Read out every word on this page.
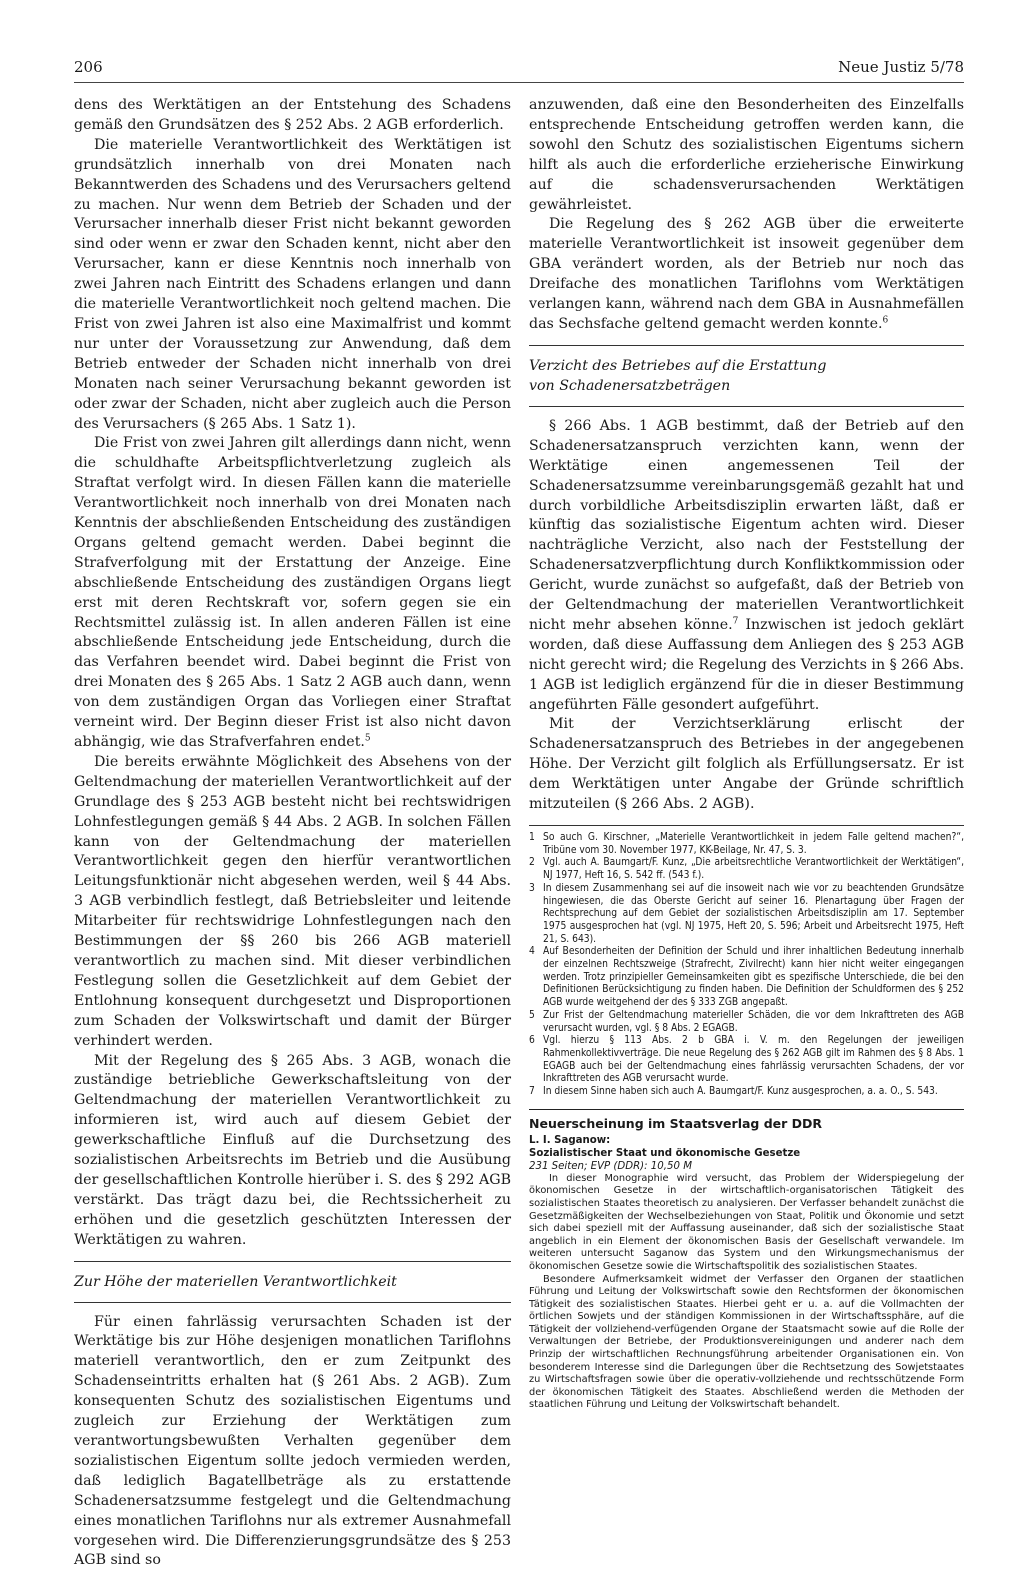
206	Neue Justiz 5/78

dens des Werktätigen an der Entstehung des Schadens gemäß den Grundsätzen des § 252 Abs. 2 AGB erforderlich.

Die materielle Verantwortlichkeit des Werktätigen ist grundsätzlich innerhalb von drei Monaten nach Bekanntwerden des Schadens und des Verursachers geltend zu machen. Nur wenn dem Betrieb der Schaden und der Verursacher innerhalb dieser Frist nicht bekannt geworden sind oder wenn er zwar den Schaden kennt, nicht aber den Verursacher, kann er diese Kenntnis noch innerhalb von zwei Jahren nach Eintritt des Schadens erlangen und dann die materielle Verantwortlichkeit noch geltend machen. Die Frist von zwei Jahren ist also eine Maximalfrist und kommt nur unter der Voraussetzung zur Anwendung, daß dem Betrieb entweder der Schaden nicht innerhalb von drei Monaten nach seiner Verursachung bekannt geworden ist oder zwar der Schaden, nicht aber zugleich auch die Person des Verursachers (§ 265 Abs. 1 Satz 1).

Die Frist von zwei Jahren gilt allerdings dann nicht, wenn die schuldhafte Arbeitspflichtverletzung zugleich als Straftat verfolgt wird. In diesen Fällen kann die materielle Verantwortlichkeit noch innerhalb von drei Monaten nach Kenntnis der abschließenden Entscheidung des zuständigen Organs geltend gemacht werden. Dabei beginnt die Strafverfolgung mit der Erstattung der Anzeige. Eine abschließende Entscheidung des zuständigen Organs liegt erst mit deren Rechtskraft vor, sofern gegen sie ein Rechtsmittel zulässig ist. In allen anderen Fällen ist eine abschließende Entscheidung jede Entscheidung, durch die das Verfahren beendet wird. Dabei beginnt die Frist von drei Monaten des § 265 Abs. 1 Satz 2 AGB auch dann, wenn von dem zuständigen Organ das Vorliegen einer Straftat verneint wird. Der Beginn dieser Frist ist also nicht davon abhängig, wie das Strafverfahren endet.$^5$

Die bereits erwähnte Möglichkeit des Absehens von der Geltendmachung der materiellen Verantwortlichkeit auf der Grundlage des § 253 AGB besteht nicht bei rechtswidrigen Lohnfestlegungen gemäß § 44 Abs. 2 AGB. In solchen Fällen kann von der Geltendmachung der materiellen Verantwortlichkeit gegen den hierfür verantwortlichen Leitungsfunktionär nicht abgesehen werden, weil § 44 Abs. 3 AGB verbindlich festlegt, daß Betriebsleiter und leitende Mitarbeiter für rechtswidrige Lohnfestlegungen nach den Bestimmungen der §§ 260 bis 266 AGB materiell verantwortlich zu machen sind. Mit dieser verbindlichen Festlegung sollen die Gesetzlichkeit auf dem Gebiet der Entlohnung konsequent durchgesetzt und Disproportionen zum Schaden der Volkswirtschaft und damit der Bürger verhindert werden.

Mit der Regelung des § 265 Abs. 3 AGB, wonach die zuständige betriebliche Gewerkschaftsleitung von der Geltendmachung der materiellen Verantwortlichkeit zu informieren ist, wird auch auf diesem Gebiet der gewerkschaftliche Einfluß auf die Durchsetzung des sozialistischen Arbeitsrechts im Betrieb und die Ausübung der gesellschaftlichen Kontrolle hierüber i. S. des § 292 AGB verstärkt. Das trägt dazu bei, die Rechtssicherheit zu erhöhen und die gesetzlich geschützten Interessen der Werktätigen zu wahren.

Zur Höhe der materiellen Verantwortlichkeit

Für einen fahrlässig verursachten Schaden ist der Werktätige bis zur Höhe desjenigen monatlichen Tariflohns materiell verantwortlich, den er zum Zeitpunkt des Schadenseintritts erhalten hat (§ 261 Abs. 2 AGB). Zum konsequenten Schutz des sozialistischen Eigentums und zugleich zur Erziehung der Werktätigen zum verantwortungsbewußten Verhalten gegenüber dem sozialistischen Eigentum sollte jedoch vermieden werden, daß lediglich Bagatellbeträge als zu erstattende Schadenersatzsumme festgelegt und die Geltendmachung eines monatlichen Tariflohns nur als extremer Ausnahmefall vorgesehen wird. Die Differenzierungsgrundsätze des § 253 AGB sind so

anzuwenden, daß eine den Besonderheiten des Einzelfalls entsprechende Entscheidung getroffen werden kann, die sowohl den Schutz des sozialistischen Eigentums sichern hilft als auch die erforderliche erzieherische Einwirkung auf die schadensverursachenden Werktätigen gewährleistet.

Die Regelung des § 262 AGB über die erweiterte materielle Verantwortlichkeit ist insoweit gegenüber dem GBA verändert worden, als der Betrieb nur noch das Dreifache des monatlichen Tariflohns vom Werktätigen verlangen kann, während nach dem GBA in Ausnahmefällen das Sechsfache geltend gemacht werden konnte.$^6$

Verzicht des Betriebes auf die Erstattung
von Schadenersatzbeträgen

§ 266 Abs. 1 AGB bestimmt, daß der Betrieb auf den Schadenersatzanspruch verzichten kann, wenn der Werktätige einen angemessenen Teil der Schadenersatzsumme vereinbarungsgemäß gezahlt hat und durch vorbildliche Arbeitsdisziplin erwarten läßt, daß er künftig das sozialistische Eigentum achten wird. Dieser nachträgliche Verzicht, also nach der Feststellung der Schadenersatzverpflichtung durch Konfliktkommission oder Gericht, wurde zunächst so aufgefaßt, daß der Betrieb von der Geltendmachung der materiellen Verantwortlichkeit nicht mehr absehen könne.$^7$ Inzwischen ist jedoch geklärt worden, daß diese Auffassung dem Anliegen des § 253 AGB nicht gerecht wird; die Regelung des Verzichts in § 266 Abs. 1 AGB ist lediglich ergänzend für die in dieser Bestimmung angeführten Fälle gesondert aufgeführt.

Mit der Verzichtserklärung erlischt der Schadenersatzanspruch des Betriebes in der angegebenen Höhe. Der Verzicht gilt folglich als Erfüllungsersatz. Er ist dem Werktätigen unter Angabe der Gründe schriftlich mitzuteilen (§ 266 Abs. 2 AGB).

1 So auch G. Kirschner, „Materielle Verantwortlichkeit in jedem Falle geltend machen?“, Tribüne vom 30. November 1977, KK-Beilage, Nr. 47, S. 3.
2 Vgl. auch A. Baumgart/F. Kunz, „Die arbeitsrechtliche Verantwortlichkeit der Werktätigen“, NJ 1977, Heft 16, S. 542 ff. (543 f.).
3 In diesem Zusammenhang sei auf die insoweit nach wie vor zu beachtenden Grundsätze hingewiesen, die das Oberste Gericht auf seiner 16. Plenartagung über Fragen der Rechtsprechung auf dem Gebiet der sozialistischen Arbeitsdisziplin am 17. September 1975 ausgesprochen hat (vgl. NJ 1975, Heft 20, S. 596; Arbeit und Arbeitsrecht 1975, Heft 21, S. 643).
4 Auf Besonderheiten der Definition der Schuld und ihrer inhaltlichen Bedeutung innerhalb der einzelnen Rechtszweige (Strafrecht, Zivilrecht) kann hier nicht weiter eingegangen werden. Trotz prinzipieller Gemeinsamkeiten gibt es spezifische Unterschiede, die bei den Definitionen Berücksichtigung zu finden haben. Die Definition der Schuldformen des § 252 AGB wurde weitgehend der des § 333 ZGB angepaßt.
5 Zur Frist der Geltendmachung materieller Schäden, die vor dem Inkrafttreten des AGB verursacht wurden, vgl. § 8 Abs. 2 EGAGB.
6 Vgl. hierzu § 113 Abs. 2 b GBA i. V. m. den Regelungen der jeweiligen Rahmenkollektivverträge. Die neue Regelung des § 262 AGB gilt im Rahmen des § 8 Abs. 1 EGAGB auch bei der Geltendmachung eines fahrlässig verursachten Schadens, der vor Inkrafttreten des AGB verursacht wurde.
7 In diesem Sinne haben sich auch A. Baumgart/F. Kunz ausgesprochen, a. a. O., S. 543.
Neuerscheinung im Staatsverlag der DDR
L. I. Saganow:
Sozialistischer Staat und ökonomische Gesetze
231 Seiten; EVP (DDR): 10,50 M

In dieser Monographie wird versucht, das Problem der Widerspiegelung der ökonomischen Gesetze in der wirtschaftlich-organisatorischen Tätigkeit des sozialistischen Staates theoretisch zu analysieren. Der Verfasser behandelt zunächst die Gesetzmäßigkeiten der Wechselbeziehungen von Staat, Politik und Ökonomie und setzt sich dabei speziell mit der Auffassung auseinander, daß sich der sozialistische Staat angeblich in ein Element der ökonomischen Basis der Gesellschaft verwandele. Im weiteren untersucht Saganow das System und den Wirkungsmechanismus der ökonomischen Gesetze sowie die Wirtschaftspolitik des sozialistischen Staates.

Besondere Aufmerksamkeit widmet der Verfasser den Organen der staatlichen Führung und Leitung der Volkswirtschaft sowie den Rechtsformen der ökonomischen Tätigkeit des sozialistischen Staates. Hierbei geht er u. a. auf die Vollmachten der örtlichen Sowjets und der ständigen Kommissionen in der Wirtschaftssphäre, auf die Tätigkeit der vollziehend-verfügenden Organe der Staatsmacht sowie auf die Rolle der Verwaltungen der Betriebe, der Produktionsvereinigungen und anderer nach dem Prinzip der wirtschaftlichen Rechnungsführung arbeitender Organisationen ein. Von besonderem Interesse sind die Darlegungen über die Rechtsetzung des Sowjetstaates zu Wirtschaftsfragen sowie über die operativ-vollziehende und rechtsschützende Form der ökonomischen Tätigkeit des Staates. Abschließend werden die Methoden der staatlichen Führung und Leitung der Volkswirtschaft behandelt.
